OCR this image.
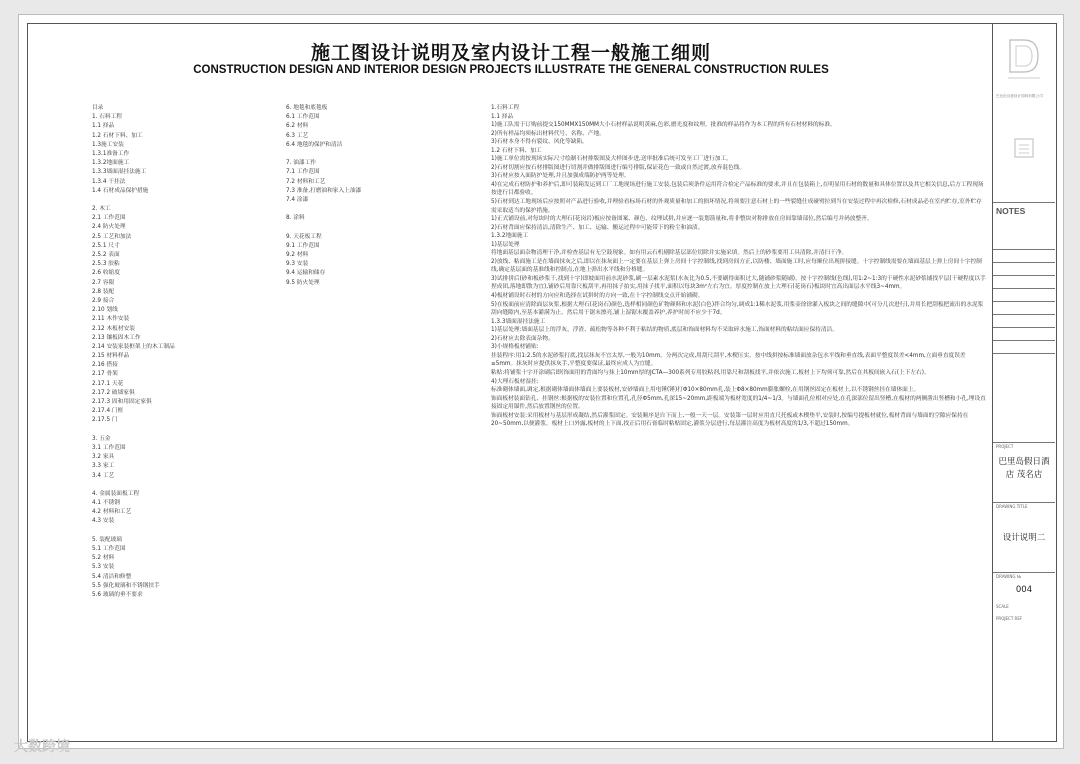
施工图设计说明及室内设计工程一般施工细则
CONSTRUCTION DESIGN AND INTERIOR DESIGN PROJECTS ILLUSTRATE THE GENERAL CONSTRUCTION RULES
目录
1. 石料工程
1.1 择品
1.2 石材下料、加工
1.3施工安装
1.3.1准备工作
1.3.2地面施工
1.3.3墙面湿挂法施工
1.3.4 干挂法
1.4 石材成品保护措施
2. 木工
2.1 工作范围
2.4 防火处理
2.5 工艺和加法
2.5.1 尺寸
2.5.2 表面
2.5.3 胶粘
2.6 收缩度
2.7 容限
2.8 装配
2.9 接合
2.10 划线
2.11 木作安装
2.12 木板材安装
2.13 镶板固木工作
2.14 安装家装框架上的木工制品
2.15 材料样品
2.16 搭接
2.17 骨架
2.17.1 天花
2.17.2 破墙家俱
2.17.3 固和用固定家俱
2.17.4 门框
2.17.5 门
3. 五金
3.1 工作范围
3.2 家具
3.3 家工
3.4 工艺
4. 金属装面板工程
4.1 不锈钢
4.2 材料和工艺
4.3 安装
5. 装配玻璃
5.1 工作范围
5.2 材料
5.3 安装
5.4 清洁和修整
5.5 强化玻璃和不锈钢扶手
5.6 玻璃的垂不要求
6. 地毯和底毯板
6.1 工作范围
6.2 材料
6.3 工艺
6.4 地毯的保护和清洁
7. 油漆工作
7.1 工作范围
7.2 材料和工艺
7.3 准备,打磨油和家入上油漆
7.4 涂漆
8. 涂料
9. 天花板工程
9.1 工作范围
9.2 材料
9.3 安装
9.4 运输和储存
9.5 防火处理
1.石料工程
1.1 择品
1)施工队需于订购前提交150MMX150MM大小石材样品说明黄麻,色彩,磨光度和纹理。批准的样品将作为本工程的所有石材材料的标准。
2)所有样品均须标出材料代号、名称、产地。
3)石材本身不得有裂纹、风化等缺陷。
1.2 石材下料、加工
1)施工单位需按现场实际尺寸绘制石材排版图及大样图步进,送审批准后统可发至工厂进行加工。
2)石材切割应按石材排版图进行切割并做排版图进行编号排版,保证花色一致或自然过渡,放弃混色线。
3)石材应按入面防护处理,并且加强成端防护两等处理。
4)在完成石材防护和养护后,即可装箱发运到工厂工地现场进行施工安装,包装后须条件运用符合检定产品标准的要求,并且在包装箱上,在明显用石材的数量和具体位置以及其它相关信息,后方工程现场按进行目都验收。
5)石材到达工地现场后应按照对产品进行验收,并理验看标场石材的外观质量和加工的损坏情况,将须要注意石材上的一些裂缝仕成碰劈拉到当在安装过程中再次检修,石材成品必在室内贮存,室外贮存需采取适当的保护措施。
1)正式铺设前,对每块时的大理石(花岗岩)板应按备图案、颜色、纹理试拼,并应逐一装划箭量和,将非整块对称排放在房间靠墙部位,然后编号并码放整齐。
2)石材背面应保持清洁,清除生产、加工、运输、搬运过程中可能带下的粉尘和油渍。
1.3.2地面施工
1)基层处理
将地面基层面杂物清理干净,并检查基层有无空鼓现象。如有用云石机剔除基层部位切除并实施采填。然后上的砂浆要用工具清除,并清扫干净。
2)放线、粘面施工是在墙面抹灰之后,即以在抹灰面上一定要在基层上弹上房间十字控制线,找到房间方正,以防楼、墙面施工时,应每顺位出现拼接缝。十字控制线需要在墙面基层上弹上房间十字控制线,确定基层面的基准线和控制点,在地上弹出水平线和分格缝。
3)试排拼后(砂和板砂浆干,找到十字)即坡面用前水泥砂浆,刷一层素水泥浆(水灰比为0.5,不要刷得面积过大,随铺砂浆随刷)。按十字控制线(色线),用1:2~1:3的干硬性水泥砂浆铺找平层(干硬程度以手捏成团,落地即散为宜),铺砂后用靠尺板刮平,再用抹子拍实,用抹子找平,面积以每块3m²左右为宜。厚度控制在放上大理石(花岗石)板块时宜高出面层水平线3~4mm。
4)板材铺设时石材的方向应和选择在试拼时的方向一致,在十字控制线交点开始铺砌。
5)在板面前应清除面层灰浆,根据大理石(花岗石)颜色,选样相同颜色矿物颜料和水泥(白色)拌合均匀,调成1:1稀水泥浆,用浆壶徐徐灌入板块之间的缝隙中(可分几次进行),并用长把刮板把流出的水泥浆刮向缝隙内,至基本灌满为止。然后用干锯末擦亮,铺上湿锯末覆盖养护,养护时间不应少于7d。
1.3.3墙面湿挂法施工
1)基层处理:墙面基层上的浮灰、浮渣、疏松物等各种不利于粘结的物质,底层和饰面材料均不采取碎水施工,饰面材料的粘结面应保持清洁。
2)石材应去除表面杂物。
3)小规格板材铺贴:
挂装程序:用1:2.5的水泥砂浆打底,找层抹灰不宜太厚,一般为10mm。分两次完成,用刮尺刮平,木楔压实。按中线拼按标准墙面放杂包水平线和垂直线,表面平整度误差<4mm,立面垂直度误差≤5mm。抹灰时应提供抹灰手,平整度要保证,最终应成人为宜缝。
粘贴:将铺浆十字开涂刷后即(饰面用的背面均与抹上10mm厚的JCTA—300系列专用胶粘剂,用靠尺和刮板找平,并依次施工,板材上下均须可靠,然后在其板间嵌入石(上下左右)。
4)大理石板材湿挂:
标准砌体墙面,调定,根据砌体墙面体墙面上要装板材,安砂墙面上用电锤(锤)打Φ10×80mm孔,装上Φ8×80mm膨胀螺栓,在用钢丝固定在板材上,以不锈钢丝挂在墙体面上。
饰面板材装面钻孔、挂钢丝:根据板的安装位置和位置孔,孔径Φ5mm,孔深15~20mm,距板端为板材宽度的1/4~1/3。与墙面孔位相对应处,在孔深部位留出竖槽,在板材的两侧凿出竖槽和小孔,埋设直接固定用锚件,然后放置钢丝的位置。
饰面板材安装:采用板材与基层形成凝结,然后灌浆固定。安装顺序是自下而上,一般一天一层。安装第一层时应用直尺托板或木楔垫平,安装时,按编号提板材就位,板材背面与墙面的空隙应保持在20~50mm,以便灌浆。板材上口外露,板材的上下面,找正后用石膏临时粘贴固定,灌浆分层进行,每层灌注高度为板材高度的1/3,不超过150mm。
巴比伦诗意设计园林有限公司
NOTES
PROJECT
巴里岛假日酒店 茂名店
DRAWING TITLE
设计说明二
DRAWING №
004
SCALE
PROJECT REF
大数跨境
